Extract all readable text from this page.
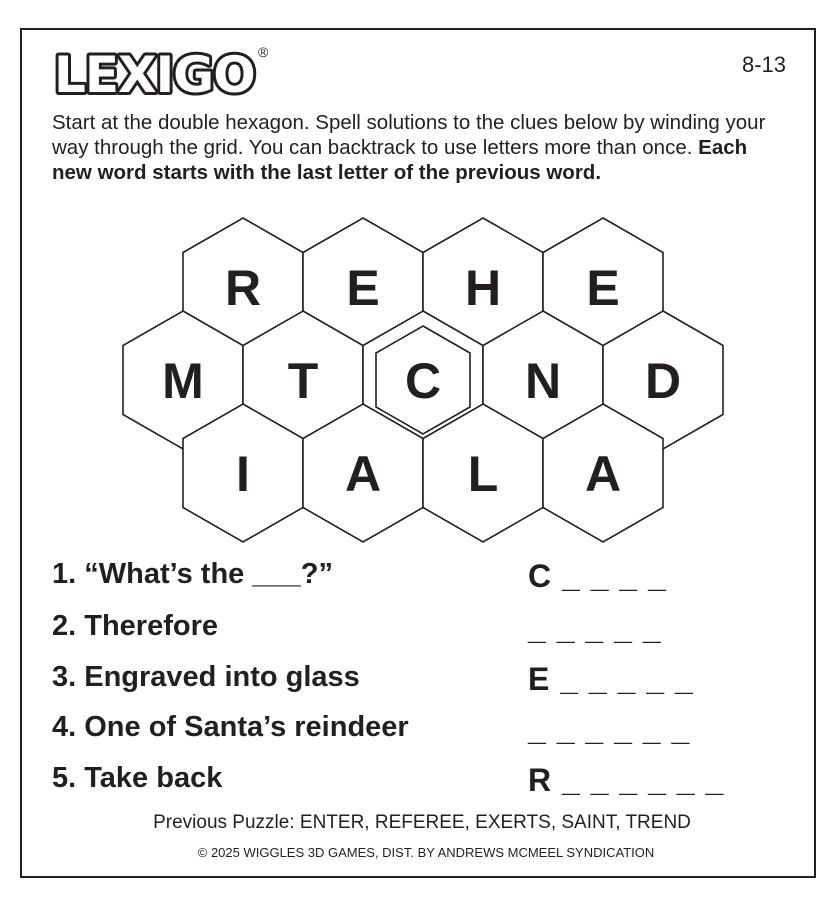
LEXIGO ®	8-13

Start at the double hexagon. Spell solutions to the clues below by winding your way through the grid. You can backtrack to use letters more than once. Each new word starts with the last letter of the previous word.

R E H E
M T C N D
I A L A
1. “What’s the ___?”	C _ _ _ _
2. Therefore	_ _ _ _ _
3. Engraved into glass	E _ _ _ _ _
4. One of Santa’s reindeer	_ _ _ _ _ _
5. Take back	R _ _ _ _ _ _
Previous Puzzle: ENTER, REFEREE, EXERTS, SAINT, TREND
© 2025 WIGGLES 3D GAMES, DIST. BY ANDREWS MCMEEL SYNDICATION
